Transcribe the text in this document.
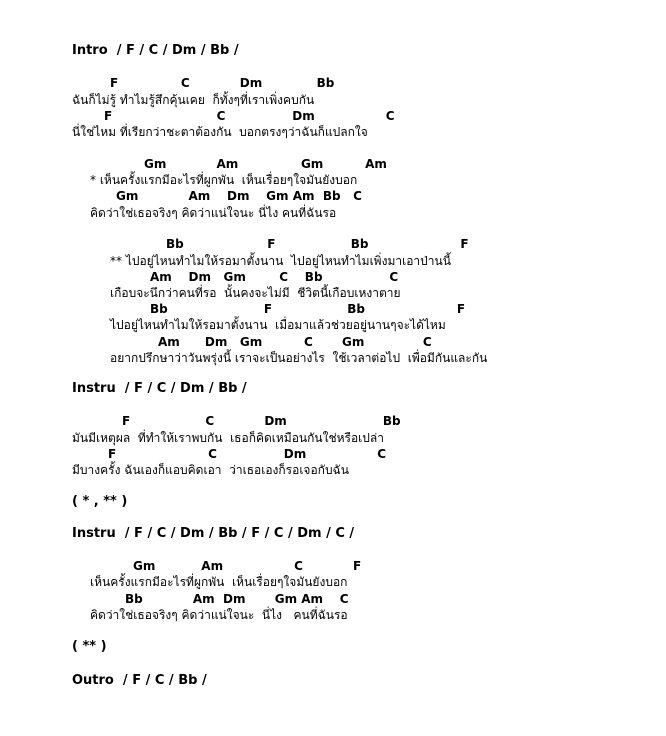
Intro  / F / C / Dm / Bb /
F               C            Dm             Bb
ฉันก็ไม่รู้ ทำไมรู้สึกคุ้นเคย  ก็ทั้งๆที่เราเพิ่งคบกัน
F                         C                Dm                 C
นี่ใช่ไหม ที่เรียกว่าชะตาต้องกัน  บอกตรงๆว่าฉันก็แปลกใจ
Gm            Am               Gm          Am
* เห็นครั้งแรกมีอะไรที่ผูกพัน  เห็นเรื่อยๆใจมันยังบอก
Gm            Am    Dm    Gm Am  Bb   C
คิดว่าใช่เธอจริงๆ คิดว่าแน่ใจนะ นี่ไง คนที่ฉันรอ
Bb                    F                  Bb                      F
** ไปอยู่ไหนทำไมให้รอมาตั้งนาน  ไปอยู่ไหนทำไมเพิ่งมาเอาป่านนี้
Am    Dm   Gm        C    Bb                C
เกือบจะนึกว่าคนที่รอ  นั้นคงจะไม่มี  ชีวิตนี้เกือบเหงาตาย
Bb                       F                  Bb                      F
ไปอยู่ไหนทำไมให้รอมาตั้งนาน  เมื่อมาแล้วช่วยอยู่นานๆจะได้ไหม
Am      Dm   Gm          C       Gm              C
อยากปรึกษาว่าวันพรุ่งนี้ เราจะเป็นอย่างไร  ใช้เวลาต่อไป  เพื่อมีกันและกัน
Instru  / F / C / Dm / Bb /
F                  C            Dm                       Bb
มันมีเหตุผล  ที่ทำให้เราพบกัน  เธอก็คิดเหมือนกันใช่หรือเปล่า
F                      C                Dm                 C
มีบางครั้ง ฉันเองก็แอบคิดเอา  ว่าเธอเองก็รอเจอกับฉัน
( * , ** )
Instru  / F / C / Dm / Bb / F / C / Dm / C /
Gm           Am                 C            F
เห็นครั้งแรกมีอะไรที่ผูกพัน  เห็นเรื่อยๆใจมันยังบอก
Bb            Am  Dm       Gm Am    C
คิดว่าใช่เธอจริงๆ คิดว่าแน่ใจนะ  นี่ไง   คนที่ฉันรอ
( ** )
Outro  / F / C / Bb /
